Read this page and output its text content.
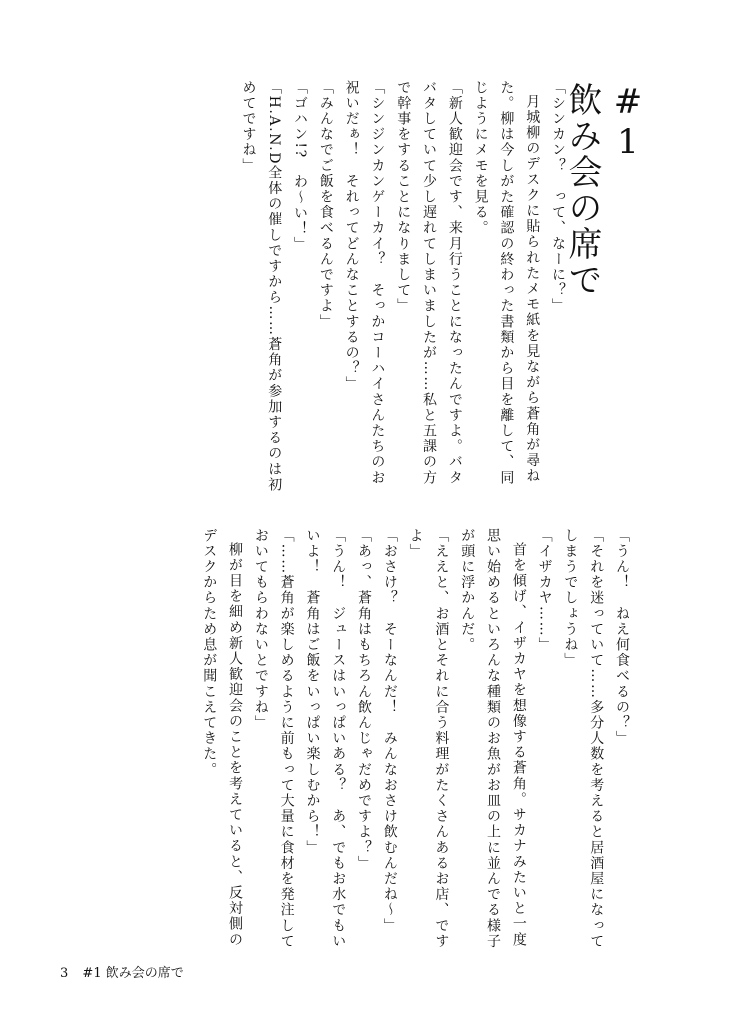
#1
飲み会の席で

「シンカン？　って、なーに？」

月城柳のデスクに貼られたメモ紙を見ながら蒼角が尋ねた。柳は今しがた確認の終わった書類から目を離して、同じようにメモを見る。

「新人歓迎会です、来月行うことになったんですよ。バタバタしていて少し遅れてしまいましたが……私と五課の方で幹事をすることになりまして」

「シンジンカンゲーカイ？　そっかコーハイさんたちのお祝いだぁ！　それってどんなことするの？」

「みんなでご飯を食べるんですよ」

「ゴハン!?　わ〜い！」

「H.A.N.D全体の催しですから……蒼角が参加するのは初めてですね」

「うん！　ねえ何食べるの？」

「それを迷っていて……多分人数を考えると居酒屋になってしまうでしょうね」

「イザカヤ……」

首を傾げ、イザカヤを想像する蒼角。サカナみたいと一度思い始めるといろんな種類のお魚がお皿の上に並んでる様子が頭に浮かんだ。

「ええと、お酒とそれに合う料理がたくさんあるお店、ですよ」

「おさけ？　そーなんだ！　みんなおさけ飲むんだね〜」

「あっ、蒼角はもちろん飲んじゃだめですよ？」

「うん！　ジュースはいっぱいある？　あ、でもお水でもいいよ！　蒼角はご飯をいっぱい楽しむから！」

「……蒼角が楽しめるように前もって大量に食材を発注しておいてもらわないとですね」

柳が目を細め新人歓迎会のことを考えていると、反対側のデスクからため息が聞こえてきた。

3 #1 飲み会の席で
